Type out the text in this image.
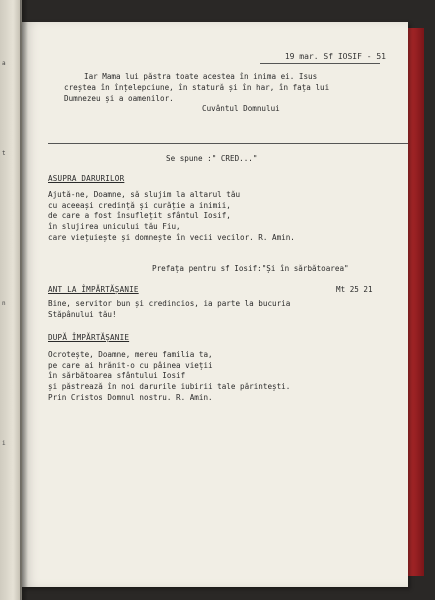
a
t
n
i
19 mar. Sf IOSIF - 51
Iar Mama lui păstra toate acestea în inima ei. Isus
creștea în înțelepciune, în statură și în har, în fața lui
Dumnezeu și a oamenilor.
Cuvântul Domnului
Se spune :" CRED..."
ASUPRA DARURILOR
Ajută-ne, Doamne, să slujim la altarul tău
cu aceeași credință și curăție a inimii,
de care a fost însuflețit sfântul Iosif,
în slujirea unicului tău Fiu,
care viețuiește și domnește în vecii vecilor. R. Amin.
Prefața pentru sf Iosif:"Și în sărbătoarea"
ANT LA ÎMPĂRTĂȘANIE
Bine, servitor bun și credincios, ia parte la bucuria
Stăpânului tău!
Mt 25 21
DUPĂ ÎMPĂRTĂȘANIE
Ocrotește, Doamne, mereu familia ta,
pe care ai hrănit-o cu pâinea vieții
în sărbătoarea sfântului Iosif
și păstrează în noi darurile iubirii tale părintești.
Prin Cristos Domnul nostru. R. Amin.
